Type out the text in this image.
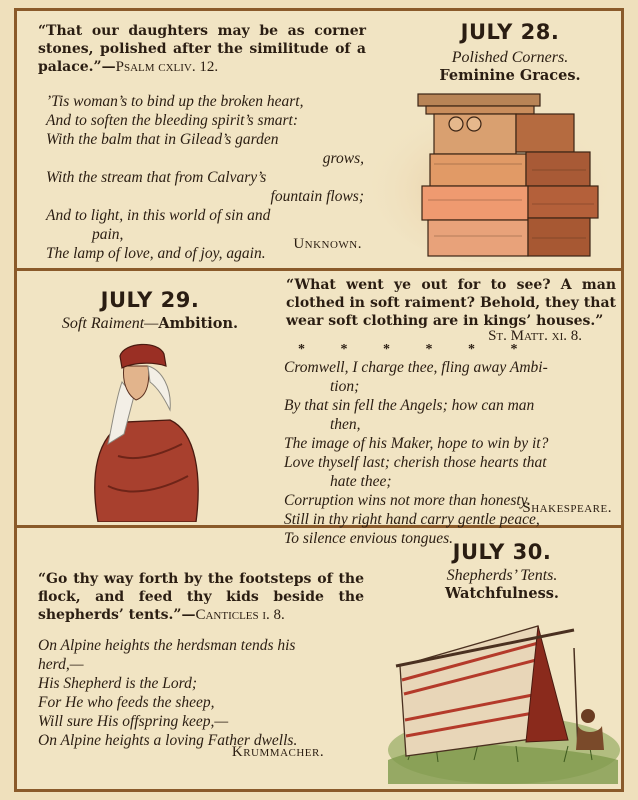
“That our daughters may be as corner stones, polished after the similitude of a palace.”—Psalm cxliv. 12.
’Tis woman’s to bind up the broken heart,
And to soften the bleeding spirit’s smart:
With the balm that in Gilead’s garden
grows,
With the stream that from Calvary’s
fountain flows;
And to light, in this world of sin and
pain,
The lamp of love, and of joy, again.
Unknown.
JULY 28.
Polished Corners.
Feminine Graces.
JULY 29.
Soft Raiment—Ambition.
“What went ye out for to see? A man clothed in soft raiment? Behold, they that wear soft clothing are in kings’ houses.”
St. Matt. xi. 8.
* * * * * *
Cromwell, I charge thee, fling away Ambi-
tion;
By that sin fell the Angels; how can man
then,
The image of his Maker, hope to win by it?
Love thyself last; cherish those hearts that
hate thee;
Corruption wins not more than honesty.
Still in thy right hand carry gentle peace,
To silence envious tongues.
Shakespeare.
JULY 30.
Shepherds’ Tents.
Watchfulness.
“Go thy way forth by the footsteps of the flock, and feed thy kids beside the shepherds’ tents.”—Canticles i. 8.
On Alpine heights the herdsman tends his
herd,—
His Shepherd is the Lord;
For He who feeds the sheep,
Will sure His offspring keep,—
On Alpine heights a loving Father dwells.
Krummacher.
